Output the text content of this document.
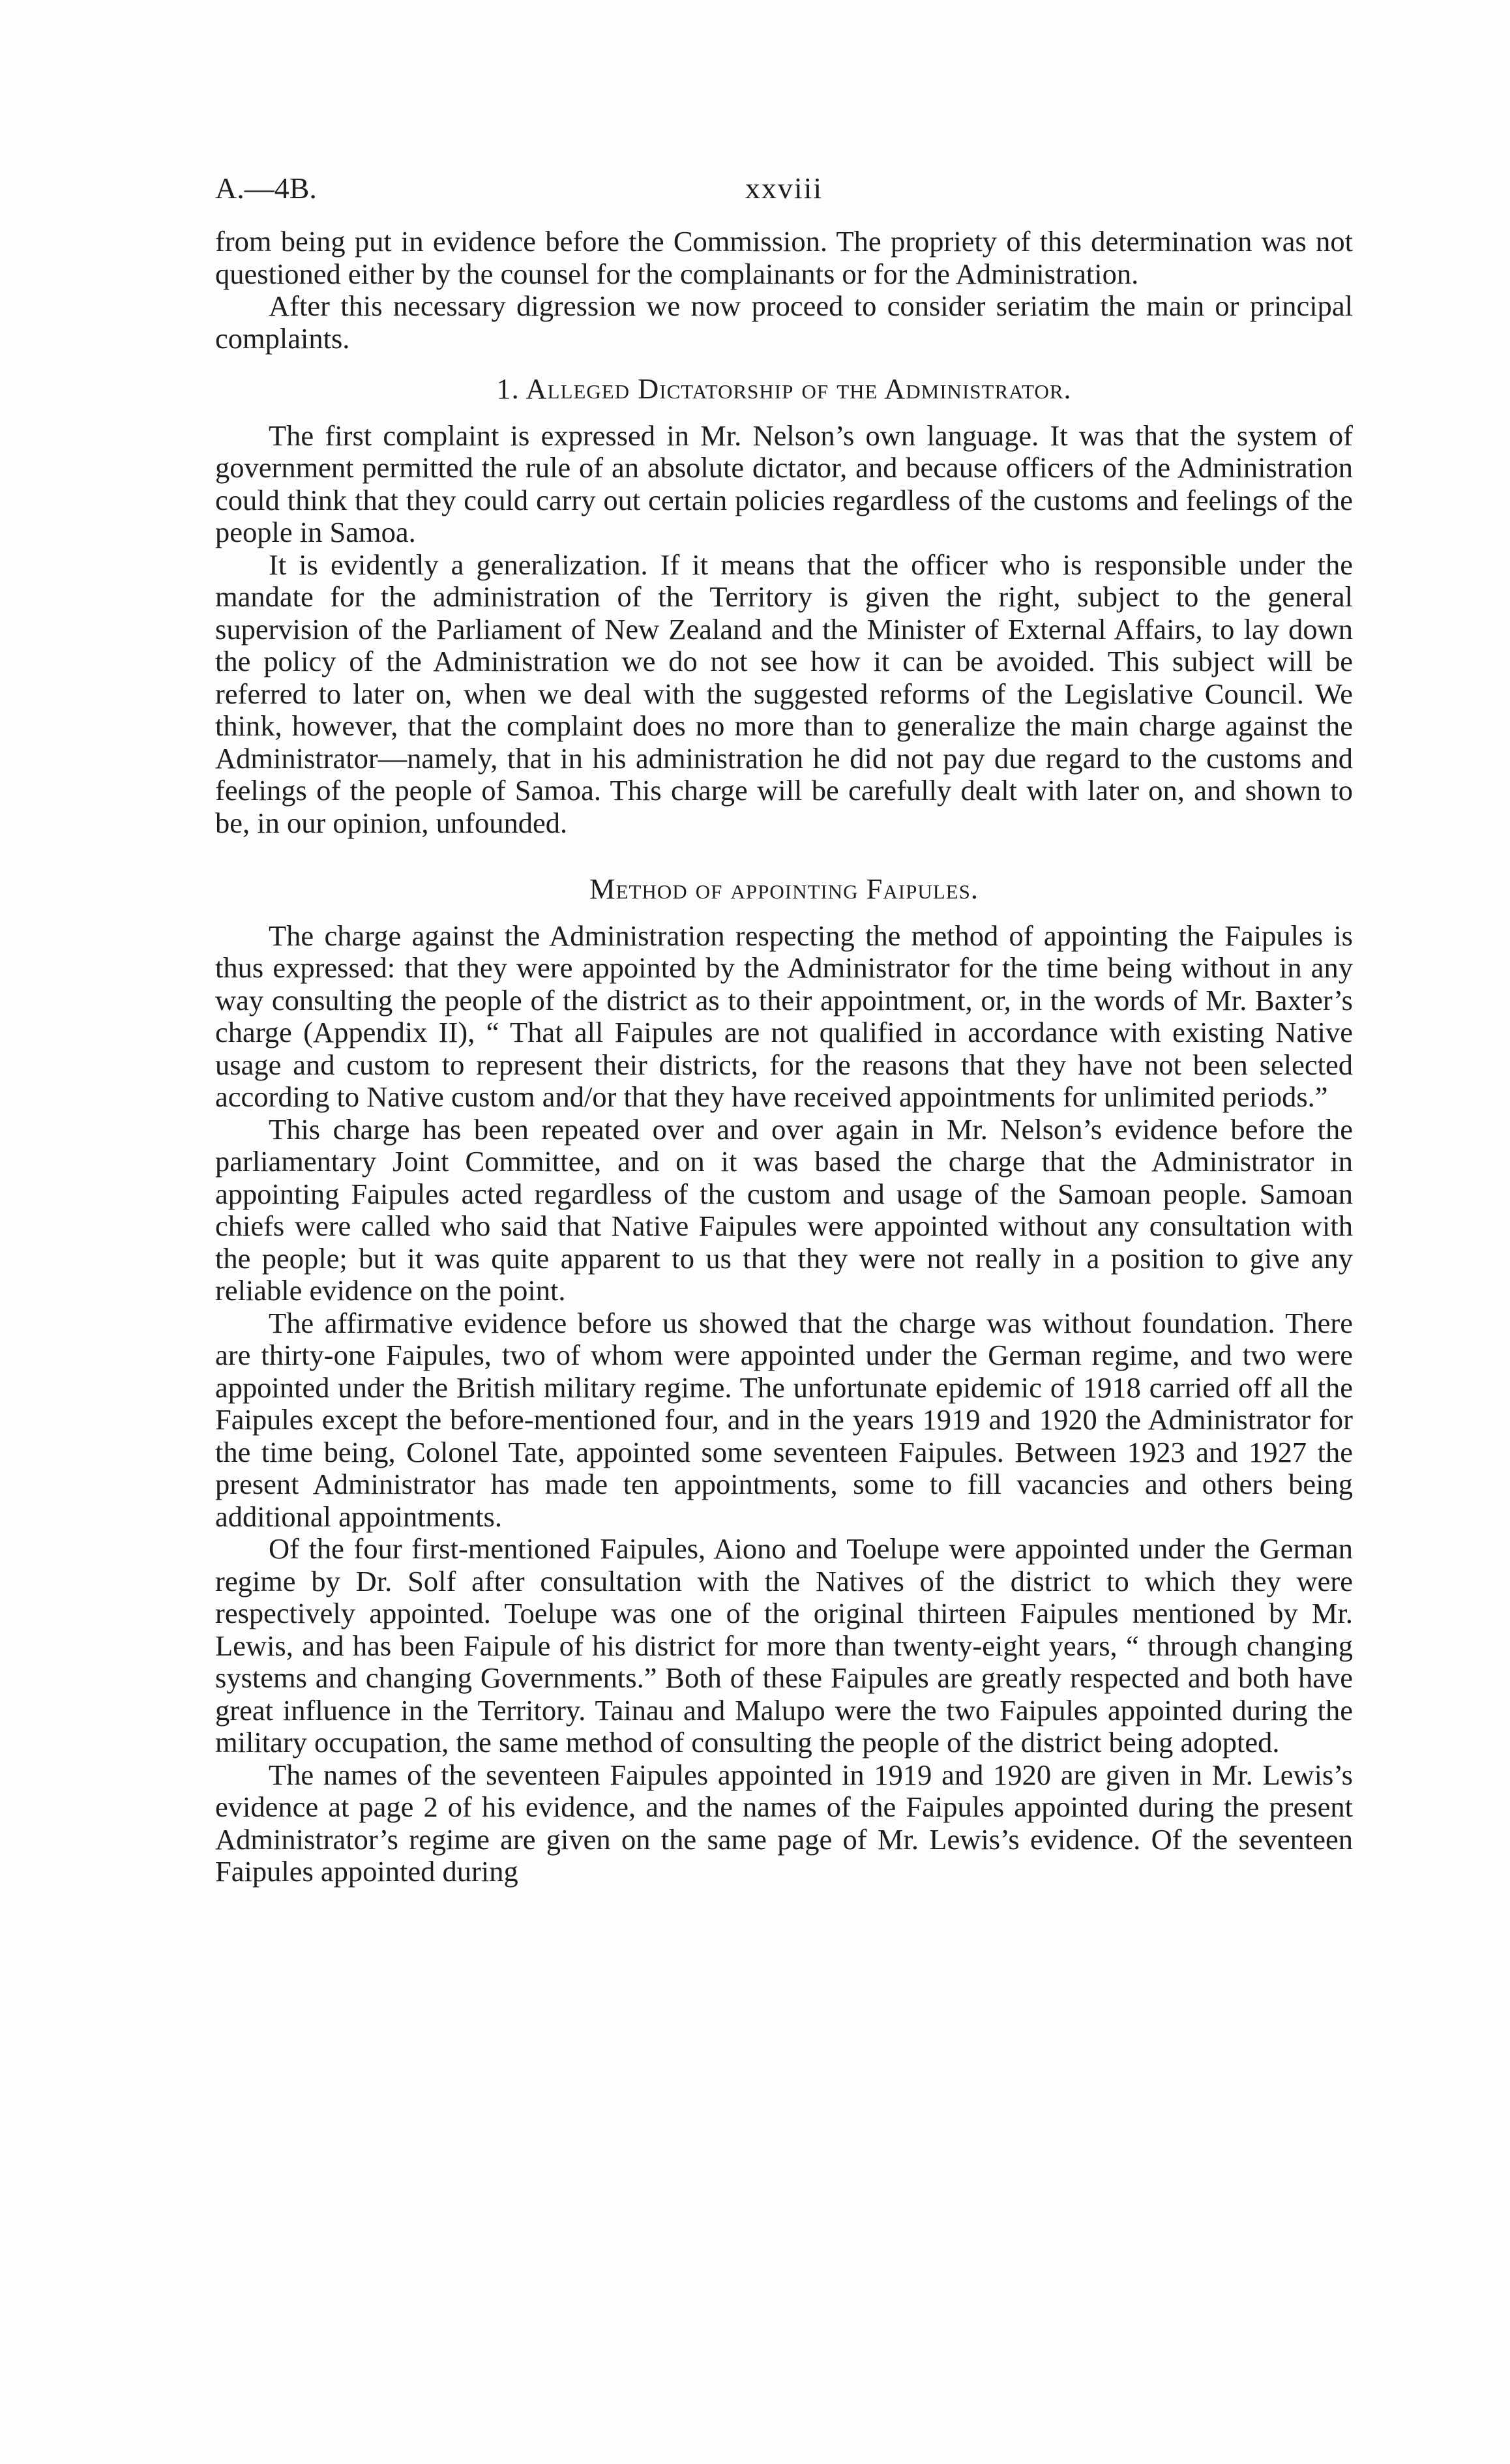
A.—4B.	xxviii

from being put in evidence before the Commission. The propriety of this determination was not questioned either by the counsel for the complainants or for the Administration.

After this necessary digression we now proceed to consider seriatim the main or principal complaints.

1. Alleged Dictatorship of the Administrator.

The first complaint is expressed in Mr. Nelson’s own language. It was that the system of government permitted the rule of an absolute dictator, and because officers of the Administration could think that they could carry out certain policies regardless of the customs and feelings of the people in Samoa.

It is evidently a generalization. If it means that the officer who is responsible under the mandate for the administration of the Territory is given the right, subject to the general supervision of the Parliament of New Zealand and the Minister of External Affairs, to lay down the policy of the Administration we do not see how it can be avoided. This subject will be referred to later on, when we deal with the suggested reforms of the Legislative Council. We think, however, that the complaint does no more than to generalize the main charge against the Administrator—namely, that in his administration he did not pay due regard to the customs and feelings of the people of Samoa. This charge will be carefully dealt with later on, and shown to be, in our opinion, unfounded.

Method of appointing Faipules.

The charge against the Administration respecting the method of appointing the Faipules is thus expressed: that they were appointed by the Administrator for the time being without in any way consulting the people of the district as to their appointment, or, in the words of Mr. Baxter’s charge (Appendix II), “ That all Faipules are not qualified in accordance with existing Native usage and custom to represent their districts, for the reasons that they have not been selected according to Native custom and/or that they have received appointments for unlimited periods.”

This charge has been repeated over and over again in Mr. Nelson’s evidence before the parliamentary Joint Committee, and on it was based the charge that the Administrator in appointing Faipules acted regardless of the custom and usage of the Samoan people. Samoan chiefs were called who said that Native Faipules were appointed without any consultation with the people; but it was quite apparent to us that they were not really in a position to give any reliable evidence on the point.

The affirmative evidence before us showed that the charge was without foundation. There are thirty-one Faipules, two of whom were appointed under the German regime, and two were appointed under the British military regime. The unfortunate epidemic of 1918 carried off all the Faipules except the before-mentioned four, and in the years 1919 and 1920 the Administrator for the time being, Colonel Tate, appointed some seventeen Faipules. Between 1923 and 1927 the present Administrator has made ten appointments, some to fill vacancies and others being additional appointments.

Of the four first-mentioned Faipules, Aiono and Toelupe were appointed under the German regime by Dr. Solf after consultation with the Natives of the district to which they were respectively appointed. Toelupe was one of the original thirteen Faipules mentioned by Mr. Lewis, and has been Faipule of his district for more than twenty-eight years, “ through changing systems and changing Governments.” Both of these Faipules are greatly respected and both have great influence in the Territory. Tainau and Malupo were the two Faipules appointed during the military occupation, the same method of consulting the people of the district being adopted.

The names of the seventeen Faipules appointed in 1919 and 1920 are given in Mr. Lewis’s evidence at page 2 of his evidence, and the names of the Faipules appointed during the present Administrator’s regime are given on the same page of Mr. Lewis’s evidence. Of the seventeen Faipules appointed during
